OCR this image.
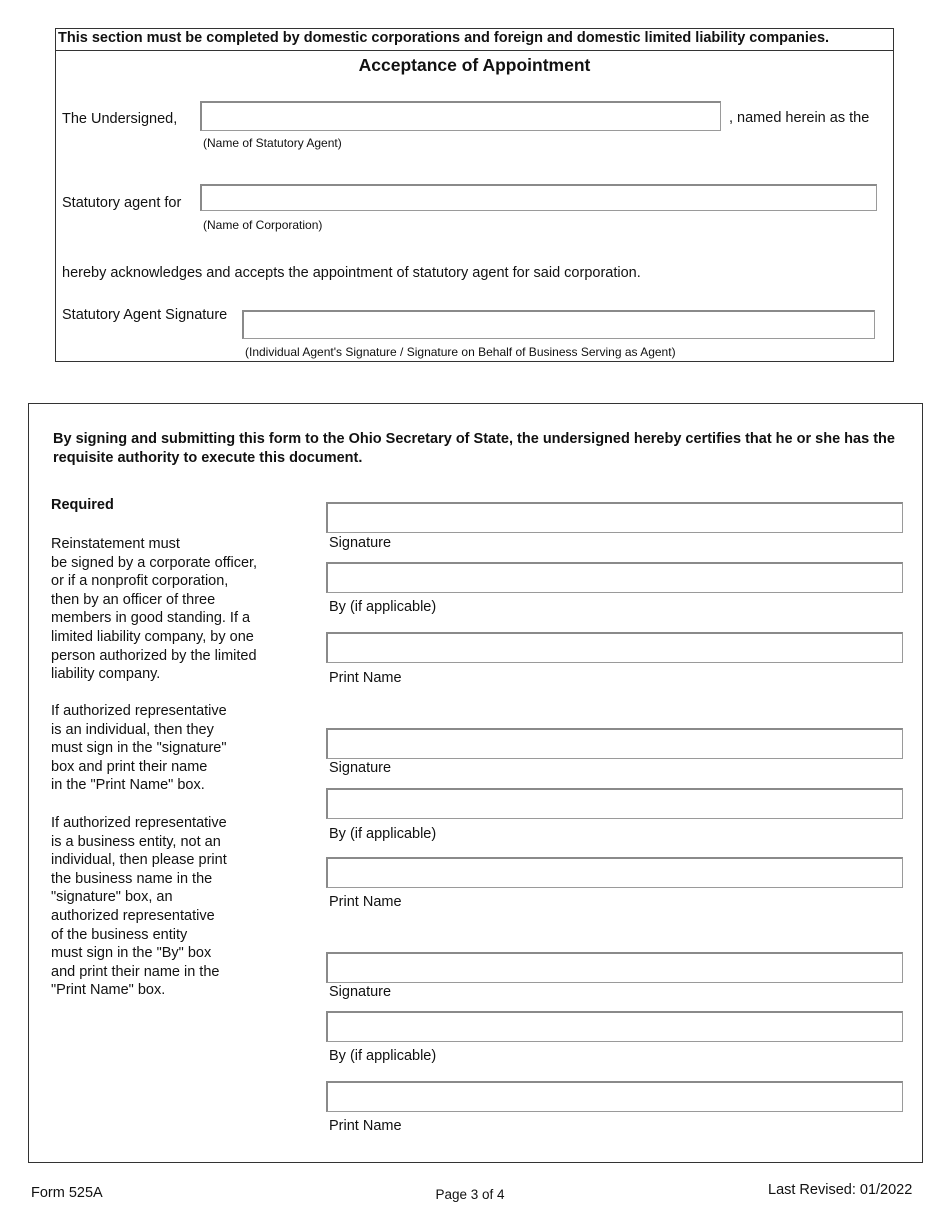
This section must be completed by domestic corporations and foreign and domestic limited liability companies.
Acceptance of Appointment
The Undersigned,	, named herein as the
(Name of Statutory Agent)
Statutory agent for
(Name of Corporation)
hereby acknowledges and accepts the appointment of statutory agent for said corporation.
Statutory Agent Signature
(Individual Agent's Signature / Signature on Behalf of Business Serving as Agent)
By signing and submitting this form to the Ohio Secretary of State, the undersigned hereby certifies that he or she has the requisite authority to execute this document.
Required
Reinstatement must
be signed by a corporate officer,
or if a nonprofit corporation,
then by an officer of three
members in good standing. If a
limited liability company, by one
person authorized by the limited
liability company.
If authorized representative
is an individual, then they
must sign in the "signature"
box and print their name
in the "Print Name" box.
If authorized representative
is a business entity, not an
individual, then please print
the business name in the
"signature" box, an
authorized representative
of the business entity
must sign in the "By" box
and print their name in the
"Print Name" box.
Signature
By (if applicable)
Print Name
Signature
By (if applicable)
Print Name
Signature
By (if applicable)
Print Name
Form 525A	Page 3 of 4	Last Revised: 01/2022
